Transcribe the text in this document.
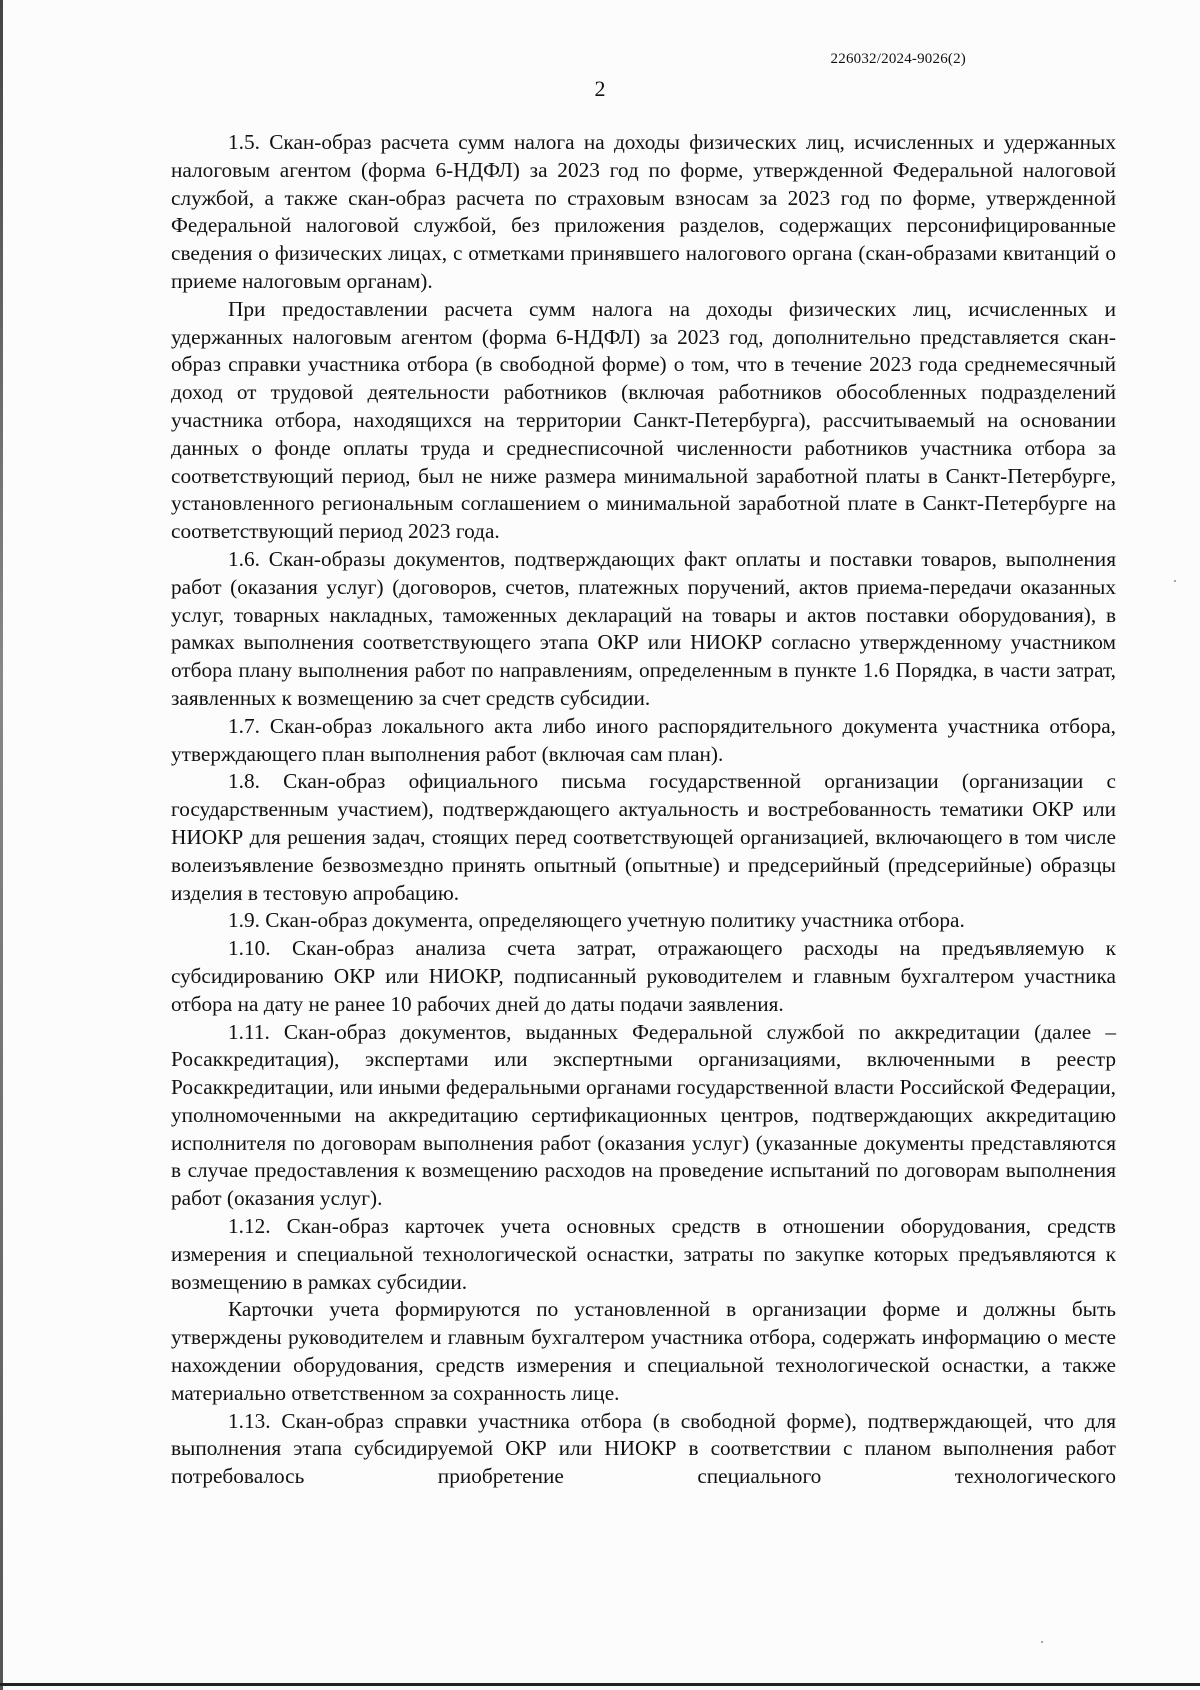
226032/2024-9026(2)
2

1.5. Скан-образ расчета сумм налога на доходы физических лиц, исчисленных и удержанных налоговым агентом (форма 6-НДФЛ) за 2023 год по форме, утвержденной Федеральной налоговой службой, а также скан-образ расчета по страховым взносам за 2023 год по форме, утвержденной Федеральной налоговой службой, без приложения разделов, содержащих персонифицированные сведения о физических лицах, с отметками принявшего налогового органа (скан-образами квитанций о приеме налоговым органам).

При предоставлении расчета сумм налога на доходы физических лиц, исчисленных и удержанных налоговым агентом (форма 6-НДФЛ) за 2023 год, дополнительно представляется скан-образ справки участника отбора (в свободной форме) о том, что в течение 2023 года среднемесячный доход от трудовой деятельности работников (включая работников обособленных подразделений участника отбора, находящихся на территории Санкт-Петербурга), рассчитываемый на основании данных о фонде оплаты труда и среднесписочной численности работников участника отбора за соответствующий период, был не ниже размера минимальной заработной платы в Санкт-Петербурге, установленного региональным соглашением о минимальной заработной плате в Санкт-Петербурге на соответствующий период 2023 года.

1.6. Скан-образы документов, подтверждающих факт оплаты и поставки товаров, выполнения работ (оказания услуг) (договоров, счетов, платежных поручений, актов приема-передачи оказанных услуг, товарных накладных, таможенных деклараций на товары и актов поставки оборудования), в рамках выполнения соответствующего этапа ОКР или НИОКР согласно утвержденному участником отбора плану выполнения работ по направлениям, определенным в пункте 1.6 Порядка, в части затрат, заявленных к возмещению за счет средств субсидии.

1.7. Скан-образ локального акта либо иного распорядительного документа участника отбора, утверждающего план выполнения работ (включая сам план).

1.8. Скан-образ официального письма государственной организации (организации с государственным участием), подтверждающего актуальность и востребованность тематики ОКР или НИОКР для решения задач, стоящих перед соответствующей организацией, включающего в том числе волеизъявление безвозмездно принять опытный (опытные) и предсерийный (предсерийные) образцы изделия в тестовую апробацию.

1.9. Скан-образ документа, определяющего учетную политику участника отбора.

1.10. Скан-образ анализа счета затрат, отражающего расходы на предъявляемую к субсидированию ОКР или НИОКР, подписанный руководителем и главным бухгалтером участника отбора на дату не ранее 10 рабочих дней до даты подачи заявления.

1.11. Скан-образ документов, выданных Федеральной службой по аккредитации (далее – Росаккредитация), экспертами или экспертными организациями, включенными в реестр Росаккредитации, или иными федеральными органами государственной власти Российской Федерации, уполномоченными на аккредитацию сертификационных центров, подтверждающих аккредитацию исполнителя по договорам выполнения работ (оказания услуг) (указанные документы представляются в случае предоставления к возмещению расходов на проведение испытаний по договорам выполнения работ (оказания услуг).

1.12. Скан-образ карточек учета основных средств в отношении оборудования, средств измерения и специальной технологической оснастки, затраты по закупке которых предъявляются к возмещению в рамках субсидии.

Карточки учета формируются по установленной в организации форме и должны быть утверждены руководителем и главным бухгалтером участника отбора, содержать информацию о месте нахождении оборудования, средств измерения и специальной технологической оснастки, а также материально ответственном за сохранность лице.

1.13. Скан-образ справки участника отбора (в свободной форме), подтверждающей, что для выполнения этапа субсидируемой ОКР или НИОКР в соответствии с планом выполнения работ потребовалось приобретение специального технологического
